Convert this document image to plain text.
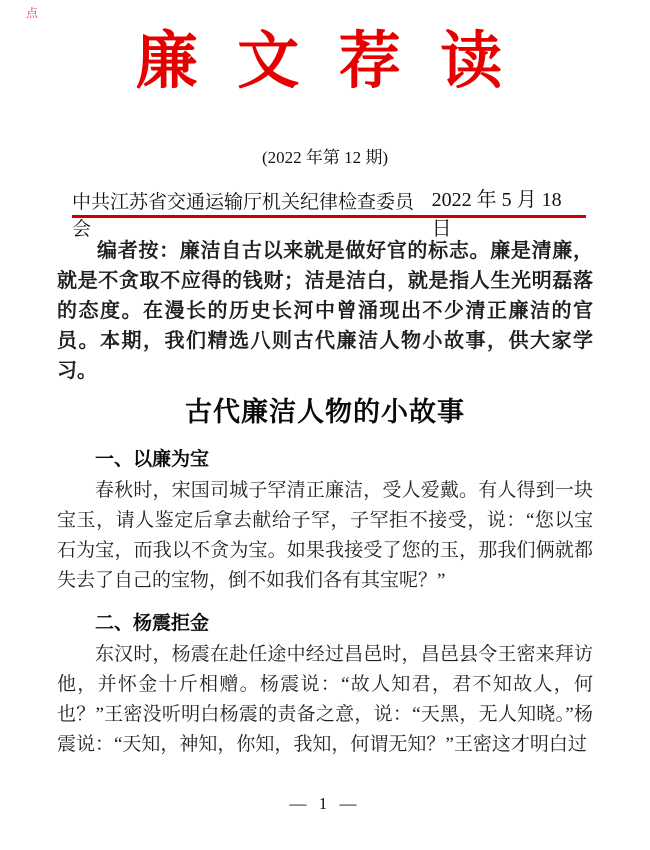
点
廉 文 荐 读
(2022 年第 12 期)
中共江苏省交通运输厅机关纪律检查委员会
2022 年 5 月 18 日
编者按：廉洁自古以来就是做好官的标志。廉是清廉，就是不贪取不应得的钱财；洁是洁白，就是指人生光明磊落的态度。在漫长的历史长河中曾涌现出不少清正廉洁的官员。本期，我们精选八则古代廉洁人物小故事，供大家学习。
古代廉洁人物的小故事
一、以廉为宝
春秋时，宋国司城子罕清正廉洁，受人爱戴。有人得到一块宝玉，请人鉴定后拿去献给子罕，子罕拒不接受，说：“您以宝石为宝，而我以不贪为宝。如果我接受了您的玉，那我们俩就都失去了自己的宝物，倒不如我们各有其宝呢？”
二、杨震拒金
东汉时，杨震在赴任途中经过昌邑时，昌邑县令王密来拜访他，并怀金十斤相赠。杨震说：“故人知君，君不知故人，何也？”王密没听明白杨震的责备之意，说：“天黑，无人知晓。”杨震说：“天知，神知，你知，我知，何谓无知？”王密这才明白过
— 1 —
